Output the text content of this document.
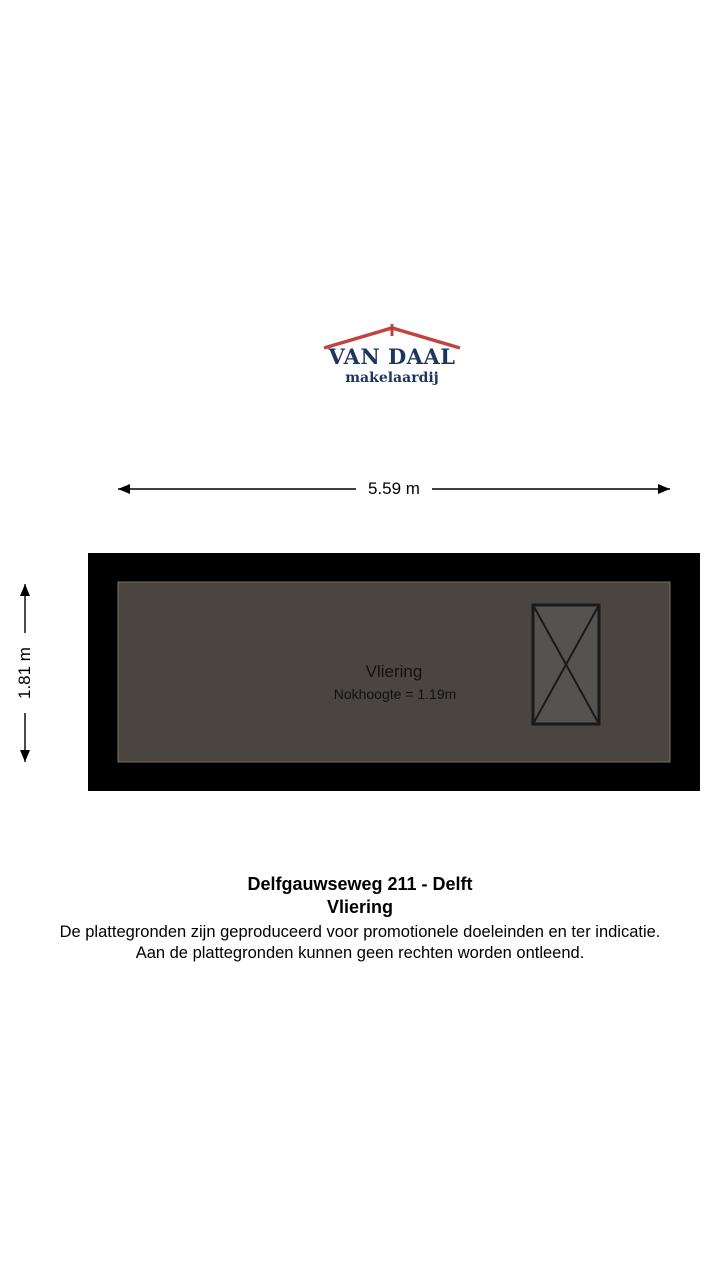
VAN DAAL
makelaardij
5.59 m
1.81 m	Vliering
Nokhoogte = 1.19m
Delfgauwseweg 211 - Delft
Vliering
De plattegronden zijn geproduceerd voor promotionele doeleinden en ter indicatie.
Aan de plattegronden kunnen geen rechten worden ontleend.
